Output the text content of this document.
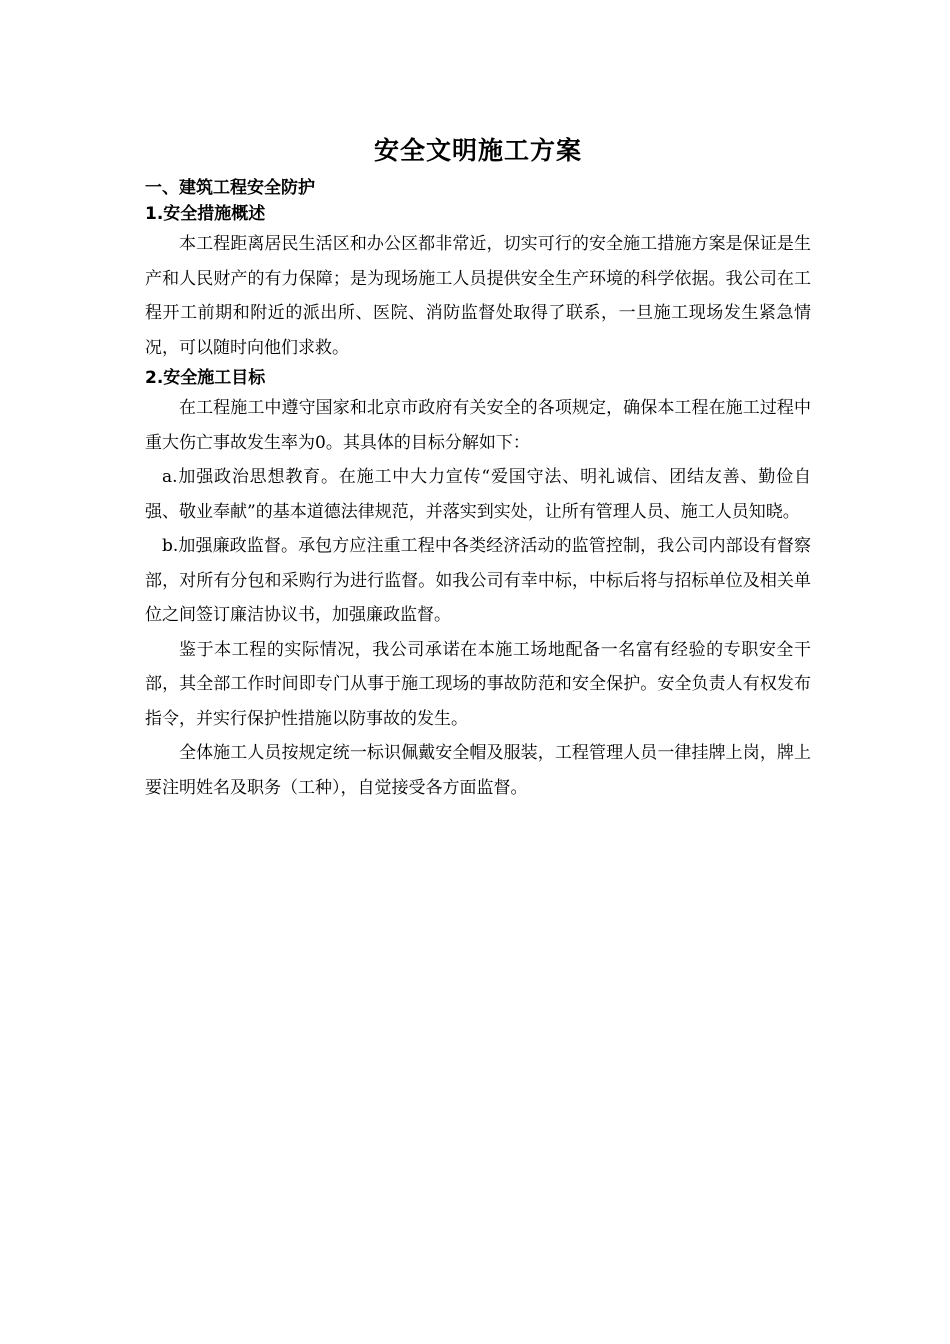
安全文明施工方案
一、建筑工程安全防护
1.安全措施概述

本工程距离居民生活区和办公区都非常近，切实可行的安全施工措施方案是保证是生产和人民财产的有力保障；是为现场施工人员提供安全生产环境的科学依据。我公司在工程开工前期和附近的派出所、医院、消防监督处取得了联系，一旦施工现场发生紧急情况，可以随时向他们求救。

2.安全施工目标

在工程施工中遵守国家和北京市政府有关安全的各项规定，确保本工程在施工过程中重大伤亡事故发生率为0。其具体的目标分解如下：

a.加强政治思想教育。在施工中大力宣传“爱国守法、明礼诚信、团结友善、勤俭自强、敬业奉献”的基本道德法律规范，并落实到实处，让所有管理人员、施工人员知晓。

b.加强廉政监督。承包方应注重工程中各类经济活动的监管控制，我公司内部设有督察部，对所有分包和采购行为进行监督。如我公司有幸中标，中标后将与招标单位及相关单位之间签订廉洁协议书，加强廉政监督。

鉴于本工程的实际情况，我公司承诺在本施工场地配备一名富有经验的专职安全干部，其全部工作时间即专门从事于施工现场的事故防范和安全保护。安全负责人有权发布指令，并实行保护性措施以防事故的发生。

全体施工人员按规定统一标识佩戴安全帽及服装，工程管理人员一律挂牌上岗，牌上要注明姓名及职务（工种），自觉接受各方面监督。
